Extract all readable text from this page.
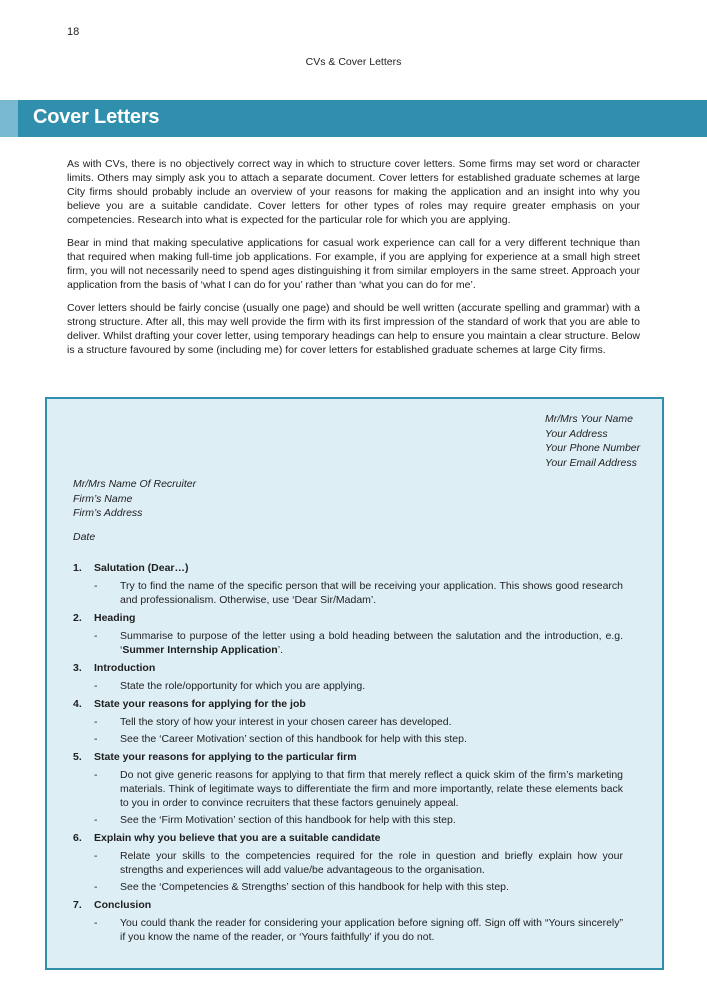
18
CVs & Cover Letters
Cover Letters

As with CVs, there is no objectively correct way in which to structure cover letters. Some firms may set word or character limits. Others may simply ask you to attach a separate document. Cover letters for established graduate schemes at large City firms should probably include an overview of your reasons for making the application and an insight into why you believe you are a suitable candidate. Cover letters for other types of roles may require greater emphasis on your competencies. Research into what is expected for the particular role for which you are applying.

Bear in mind that making speculative applications for casual work experience can call for a very different technique than that required when making full-time job applications. For example, if you are applying for experience at a small high street firm, you will not necessarily need to spend ages distinguishing it from similar employers in the same street. Approach your application from the basis of ‘what I can do for you’ rather than ‘what you can do for me’.

Cover letters should be fairly concise (usually one page) and should be well written (accurate spelling and grammar) with a strong structure. After all, this may well provide the firm with its first impression of the standard of work that you are able to deliver. Whilst drafting your cover letter, using temporary headings can help to ensure you maintain a clear structure. Below is a structure favoured by some (including me) for cover letters for established graduate schemes at large City firms.

Mr/Mrs Your Name
Your Address
Your Phone Number
Your Email Address
Mr/Mrs Name Of Recruiter
Firm’s Name
Firm’s Address
Date
1.	Salutation (Dear…)
-	Try to find the name of the specific person that will be receiving your application. This shows good research and professionalism. Otherwise, use ‘Dear Sir/Madam’.
2.	Heading
-	Summarise to purpose of the letter using a bold heading between the salutation and the introduction, e.g. ‘Summer Internship Application’.
3.	Introduction
-	State the role/opportunity for which you are applying.
4.	State your reasons for applying for the job
-	Tell the story of how your interest in your chosen career has developed.
-	See the ‘Career Motivation’ section of this handbook for help with this step.
5.	State your reasons for applying to the particular firm
-	Do not give generic reasons for applying to that firm that merely reflect a quick skim of the firm’s marketing materials. Think of legitimate ways to differentiate the firm and more importantly, relate these elements back to you in order to convince recruiters that these factors genuinely appeal.
-	See the ‘Firm Motivation’ section of this handbook for help with this step.
6.	Explain why you believe that you are a suitable candidate
-	Relate your skills to the competencies required for the role in question and briefly explain how your strengths and experiences will add value/be advantageous to the organisation.
-	See the ‘Competencies & Strengths’ section of this handbook for help with this step.
7.	Conclusion
-	You could thank the reader for considering your application before signing off. Sign off with “Yours sincerely” if you know the name of the reader, or ‘Yours faithfully’ if you do not.
